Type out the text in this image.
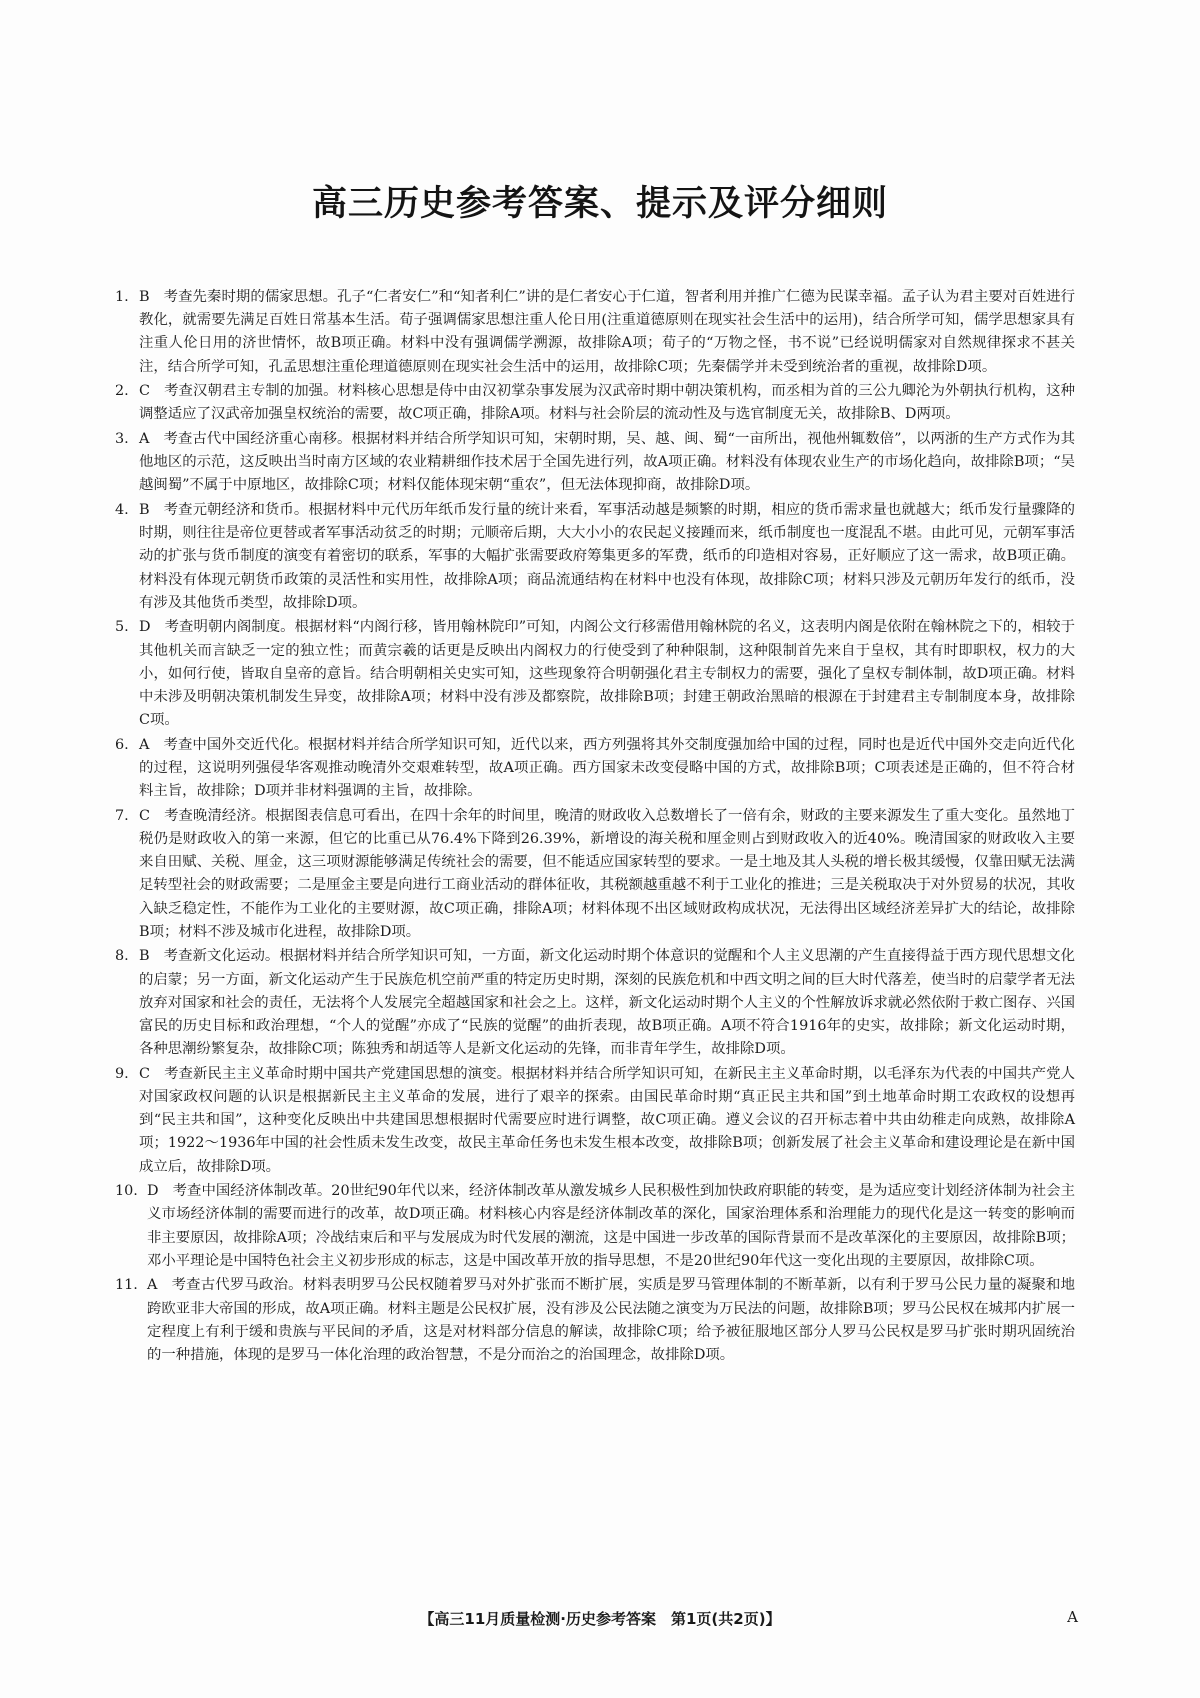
高三历史参考答案、提示及评分细则
1. B 考查先秦时期的儒家思想。孔子“仁者安仁”和“知者利仁”讲的是仁者安心于仁道，智者利用并推广仁德为民谋幸福。孟子认为君主要对百姓进行教化，就需要先满足百姓日常基本生活。荀子强调儒家思想注重人伦日用(注重道德原则在现实社会生活中的运用)，结合所学可知，儒学思想家具有注重人伦日用的济世情怀，故B项正确。材料中没有强调儒学溯源，故排除A项；荀子的“万物之怪，书不说”已经说明儒家对自然规律探求不甚关注，结合所学可知，孔孟思想注重伦理道德原则在现实社会生活中的运用，故排除C项；先秦儒学并未受到统治者的重视，故排除D项。
2. C 考查汉朝君主专制的加强。材料核心思想是侍中由汉初掌杂事发展为汉武帝时期中朝决策机构，而丞相为首的三公九卿沦为外朝执行机构，这种调整适应了汉武帝加强皇权统治的需要，故C项正确，排除A项。材料与社会阶层的流动性及与选官制度无关，故排除B、D两项。
3. A 考查古代中国经济重心南移。根据材料并结合所学知识可知，宋朝时期，吴、越、闽、蜀“一亩所出，视他州辄数倍”，以两浙的生产方式作为其他地区的示范，这反映出当时南方区域的农业精耕细作技术居于全国先进行列，故A项正确。材料没有体现农业生产的市场化趋向，故排除B项；“吴越闽蜀”不属于中原地区，故排除C项；材料仅能体现宋朝“重农”，但无法体现抑商，故排除D项。
4. B 考查元朝经济和货币。根据材料中元代历年纸币发行量的统计来看，军事活动越是频繁的时期，相应的货币需求量也就越大；纸币发行量骤降的时期，则往往是帝位更替或者军事活动贫乏的时期；元顺帝后期，大大小小的农民起义接踵而来，纸币制度也一度混乱不堪。由此可见，元朝军事活动的扩张与货币制度的演变有着密切的联系，军事的大幅扩张需要政府筹集更多的军费，纸币的印造相对容易，正好顺应了这一需求，故B项正确。材料没有体现元朝货币政策的灵活性和实用性，故排除A项；商品流通结构在材料中也没有体现，故排除C项；材料只涉及元朝历年发行的纸币，没有涉及其他货币类型，故排除D项。
5. D 考查明朝内阁制度。根据材料“内阁行移，皆用翰林院印”可知，内阁公文行移需借用翰林院的名义，这表明内阁是依附在翰林院之下的，相较于其他机关而言缺乏一定的独立性；而黄宗羲的话更是反映出内阁权力的行使受到了种种限制，这种限制首先来自于皇权，其有时即职权，权力的大小，如何行使，皆取自皇帝的意旨。结合明朝相关史实可知，这些现象符合明朝强化君主专制权力的需要，强化了皇权专制体制，故D项正确。材料中未涉及明朝决策机制发生异变，故排除A项；材料中没有涉及都察院，故排除B项；封建王朝政治黑暗的根源在于封建君主专制制度本身，故排除C项。
6. A 考查中国外交近代化。根据材料并结合所学知识可知，近代以来，西方列强将其外交制度强加给中国的过程，同时也是近代中国外交走向近代化的过程，这说明列强侵华客观推动晚清外交艰难转型，故A项正确。西方国家未改变侵略中国的方式，故排除B项；C项表述是正确的，但不符合材料主旨，故排除；D项并非材料强调的主旨，故排除。
7. C 考查晚清经济。根据图表信息可看出，在四十余年的时间里，晚清的财政收入总数增长了一倍有余，财政的主要来源发生了重大变化。虽然地丁税仍是财政收入的第一来源，但它的比重已从76.4%下降到26.39%，新增设的海关税和厘金则占到财政收入的近40%。晚清国家的财政收入主要来自田赋、关税、厘金，这三项财源能够满足传统社会的需要，但不能适应国家转型的要求。一是土地及其人头税的增长极其缓慢，仅靠田赋无法满足转型社会的财政需要；二是厘金主要是向进行工商业活动的群体征收，其税额越重越不利于工业化的推进；三是关税取决于对外贸易的状况，其收入缺乏稳定性，不能作为工业化的主要财源，故C项正确，排除A项；材料体现不出区域财政构成状况，无法得出区域经济差异扩大的结论，故排除B项；材料不涉及城市化进程，故排除D项。
8. B 考查新文化运动。根据材料并结合所学知识可知，一方面，新文化运动时期个体意识的觉醒和个人主义思潮的产生直接得益于西方现代思想文化的启蒙；另一方面，新文化运动产生于民族危机空前严重的特定历史时期，深刻的民族危机和中西文明之间的巨大时代落差，使当时的启蒙学者无法放弃对国家和社会的责任，无法将个人发展完全超越国家和社会之上。这样，新文化运动时期个人主义的个性解放诉求就必然依附于救亡图存、兴国富民的历史目标和政治理想，“个人的觉醒”亦成了“民族的觉醒”的曲折表现，故B项正确。A项不符合1916年的史实，故排除；新文化运动时期，各种思潮纷繁复杂，故排除C项；陈独秀和胡适等人是新文化运动的先锋，而非青年学生，故排除D项。
9. C 考查新民主主义革命时期中国共产党建国思想的演变。根据材料并结合所学知识可知，在新民主主义革命时期，以毛泽东为代表的中国共产党人对国家政权问题的认识是根据新民主主义革命的发展，进行了艰辛的探索。由国民革命时期“真正民主共和国”到土地革命时期工农政权的设想再到“民主共和国”，这种变化反映出中共建国思想根据时代需要应时进行调整，故C项正确。遵义会议的召开标志着中共由幼稚走向成熟，故排除A项；1922～1936年中国的社会性质未发生改变，故民主革命任务也未发生根本改变，故排除B项；创新发展了社会主义革命和建设理论是在新中国成立后，故排除D项。
10. D 考查中国经济体制改革。20世纪90年代以来，经济体制改革从激发城乡人民积极性到加快政府职能的转变，是为适应变计划经济体制为社会主义市场经济体制的需要而进行的改革，故D项正确。材料核心内容是经济体制改革的深化，国家治理体系和治理能力的现代化是这一转变的影响而非主要原因，故排除A项；冷战结束后和平与发展成为时代发展的潮流，这是中国进一步改革的国际背景而不是改革深化的主要原因，故排除B项；邓小平理论是中国特色社会主义初步形成的标志，这是中国改革开放的指导思想，不是20世纪90年代这一变化出现的主要原因，故排除C项。
11. A 考查古代罗马政治。材料表明罗马公民权随着罗马对外扩张而不断扩展，实质是罗马管理体制的不断革新，以有利于罗马公民力量的凝聚和地跨欧亚非大帝国的形成，故A项正确。材料主题是公民权扩展，没有涉及公民法随之演变为万民法的问题，故排除B项；罗马公民权在城邦内扩展一定程度上有利于缓和贵族与平民间的矛盾，这是对材料部分信息的解读，故排除C项；给予被征服地区部分人罗马公民权是罗马扩张时期巩固统治的一种措施，体现的是罗马一体化治理的政治智慧，不是分而治之的治国理念，故排除D项。
【高三11月质量检测·历史参考答案　第1页(共2页)】	A
